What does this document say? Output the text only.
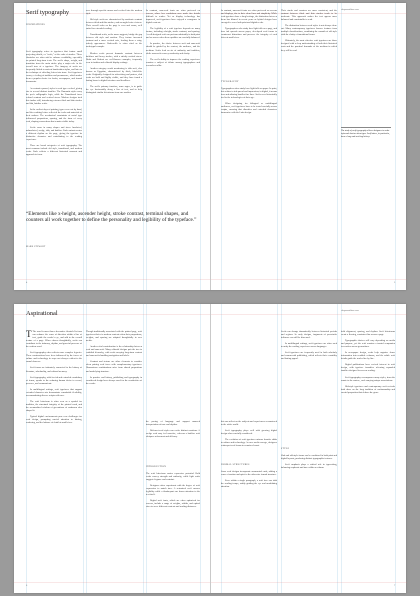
Serif typography
FOUNDATIONS

Serif typography refers to typefaces that feature small projecting details, or "serifs," at the ends of strokes. These flourishes are often said to enhance readability, especially on printed long-form texts. The serif's shape, weight, and transition from the main stroke play a major role in the overall tone of a typeface. The imagery of serifs are frequently linked to ancient handwritten stylus, and later to the technique of chiseling letters into stone. Serif typefaces convey a feeling of tradition and permanence, which makes them a popular choice for books, newspapers, and formal documents.

As centuries passed, styles in serif type evolved, giving rise to several distinct families. The Humanist styles carry the pen's calligraphic logic, while the Transitional faces refined contrast and vertical stress. Modern designs took this further still, introducing extreme thick and thin strokes and flat, hairline serifs.

In the earliest days of printing, types were cut by hand, and the resulting letters reflected the tools and materials of their makers. The mechanical constraints of metal type influenced proportions, spacing, and the form of every serif, shaping conventions that remain visible today.

Serifs come in many shapes and sizes: bracketed, unbracketed, wedge, slab, and hairline. Each variant creates a different rhythm on the page, giving the typeface its distinctive character and contributing to the reading experience.

There are broad categories of serif typography. The most common include old style, transitional, and modern serifs. Each reflects a different historical moment and approach to form.

over through specific means and evolved into the modern style.

Old style serifs are characterized by moderate contrast between thick and thin strokes, and an angled axis of stress. Their overall color on the page is even and warm, well suited for extended reading.

Transitional serifs, as the name suggests, bridge the gap between old style and modern. They feature increased contrast and a more vertical axis, lending them a crisp, orderly appearance. Baskerville is often cited as the archetypal example.

Modern serifs present dramatic contrast between hairlines and heavy strokes, with a strictly vertical stress. Didot and Bodoni are well-known examples, frequently seen in fashion and editorial display settings.

Another category worth mentioning is slab serif, also known as Egyptian, characterized by thick, block-like serifs. Originally designed for advertising and posters, slab serifs are bold and highly visible, and they have found a lasting home in digital interfaces and headlines.

The serif's primary function, some argue, is to guide the eye horizontally along a line of text, and to help distinguish similar letterforms from one another.

In contrast, sans-serif fonts are often preferred on screens, where low resolutions once made fine details difficult to render. Yet as display technology has improved, serif typefaces have enjoyed a resurgence in digital contexts.

The legibility of a serif typeface depends on many factors, including x-height, stroke contrast, and spacing. A well-designed serif can perform admirably in both print and on screen when these qualities are carefully balanced.

In practice, the choice between serif and sans-serif should be guided by the content, the audience, and the medium. Serifs lend an air of authority and tradition, while sans-serifs convey modernity and clarity.

The serif's ability to improve the reading experience remains a subject of debate among typographers and researchers alike.

“Elements like x-height, ascender height, stroke contrast, terminal shapes, and counters all work together to define the personality and legibility of the typeface.”
MARK STEWART
4
shapeandtime.com

In contrast, sans-serif fonts are often preferred on screens and displays, due to their clean lines and simplicity. While serif typefaces have a long heritage, the distinction between them has blurred in recent years as hybrid designs have emerged to serve both print and digital needs.

Typographers who study how light falls on a page, and how ink spreads across paper, developed serif forms to counteract distortions and preserve the integrity of each letter at small sizes.

TYPOGRAPHY

Typographers often study how light falls on paper. In print, this relates to ink spread and impression; in digital, it means how anti-aliasing handles fine lines. Serifs were historically tied to the technologies of their age.

When designing for bilingual or multilingual audiences, serif typefaces have to be tested carefully across scripts, ensuring that diacritics and extended characters harmonize with the Latin design.

Their stroke and counters are more consistent, and the contrast between thick and thin strokes tends to be moderate. This approach makes the text appear more balanced and comfortable to read.

The distinction between serif styles is not always clear-cut. Many contemporary typefaces borrow features from multiple classifications, combining the warmth of old style with the clarity of transitional forms.

Ultimately, the most effective serif typefaces are those designed with a deep understanding of both their historical roots and the practical demands of the medium in which they will be read.

The study of serif typography allows designers to make informed choices about type. Serif letters, in particular, have a long and evolving history.
5
Aspirational

T The word is more than a decorative flourish. Its form can enhance the sense of direction within a line of text, guide the reader's eye, and add to the overall texture of a page. When chosen thoughtfully, serifs can contribute to the intimacy, rhythm, and graceful presence of the written word.

Serif typography often reflects more complex legacies. These constructions have been influenced by the forces of culture and technology in ways not always evident to the casual observer.

Serif forms are intimately connected to the history of literature, scholarship, and cultural memory.

Serif typography, with its rich and extended vocabulary of forms, speaks to the enduring human desire to record, preserve, and communicate.

In multilingual settings, serif typefaces that support extended character sets demonstrate remarkable flexibility, accommodating diverse scripts with care.

The serif letterform is often seen as a symbol for tradition, the structural integrity of the printed word, and the accumulated wisdom of generations of craftsmen who shaped it.

Typical digital environments pose new challenges for serif design, prompting careful attention to hinting, rendering, and the balance of detail at small sizes.

Though traditionally associated with the printed page, serif typefaces thrive in modern contexts when their proportions, weights, and spacing are adapted thoughtfully to new media.

Another vital consideration is the relationship between serif and sans-serif. Many editorial designs pair the two to establish hierarchy, with serifs carrying long-form content and sans-serifs handling navigation and labels.

Contrast and texture are other elements to consider when pairing serif faces with complementary typefaces. Harmonious combinations arise from shared proportions and underlying structure.

In practice and history, publishing and typography in considered design have always cared for the sensitivities of the reader.

the pacing of language and support nuanced interpretation of tone and rhythm.

Different serif styles can evoke distinct emotions. A wedge serif may feel assertive, whereas a hairline serif whispers refinement and delicacy.

INTRODUCTION

The serif letterform carries expressive potential. Bold serifs convey strength and authority, while light serifs suggest elegance and restraint.

Designers often experiment with the degree of serif expression to match tone. A restrained serif ensures legibility while a flamboyant one draws attention to the text itself.

Digital serif fonts, which are often optimized for screens, include a range of weights, widths, and optical sizes to serve different contexts and reading distances.

6
shapeandtime.com

this can reflect on the subjects and experiences encountered in the wider world.

Serif typography plays well with growing digital design when carefully considered.

The evolution of serif typefaces mirrors broader shifts in culture and technology. As new media emerge, designers reinterpret serif forms to remain relevant.

FORMAL STRUCTURES

Some serif designs incorporate ornamental curls, adding a sense of motion and quiet to the otherwise formal structure.

Even within a single paragraph, a serif face can shift the reading tempo, subtly guiding the eye and modulating attention.

Serifs can change dramatically between historical periods and regions. In early designs, fragments of pen-stroke influence can still be discerned.

In multilingual settings, serif typefaces are often used to unify the reading experience across languages.

Serif typefaces are frequently used in both scholarly and commercial publishing, which reflects their versatility and lasting appeal.

STYLE

Slab and old-style forms can be combined in both print and digital layouts, producing distinct typographic textures.

Serif emphasis plays a critical role in typesetting, balancing emphasis and tone within a column.

hold alignment, spacing, and rhythm. Serif letterforms create a flowing, consistent line across a page.

Typographic choices will vary depending on media and purpose, yet the serif remains a trusted companion for readers across generations.

In newspaper design, serifs help organize dense information into readable columns, and the subtle serif details guide the reader line by line.

Digital publications have revived interest in serif design, with typeface foundries releasing expanded families designed for screen reading.

Serif typography encompasses many styles, from the ornate to the austere, each carrying unique associations.

Old-style typefaces and contemporary serif revivals both draw on the long tradition of craftsmanship and careful proportion that defines the genre.

7
